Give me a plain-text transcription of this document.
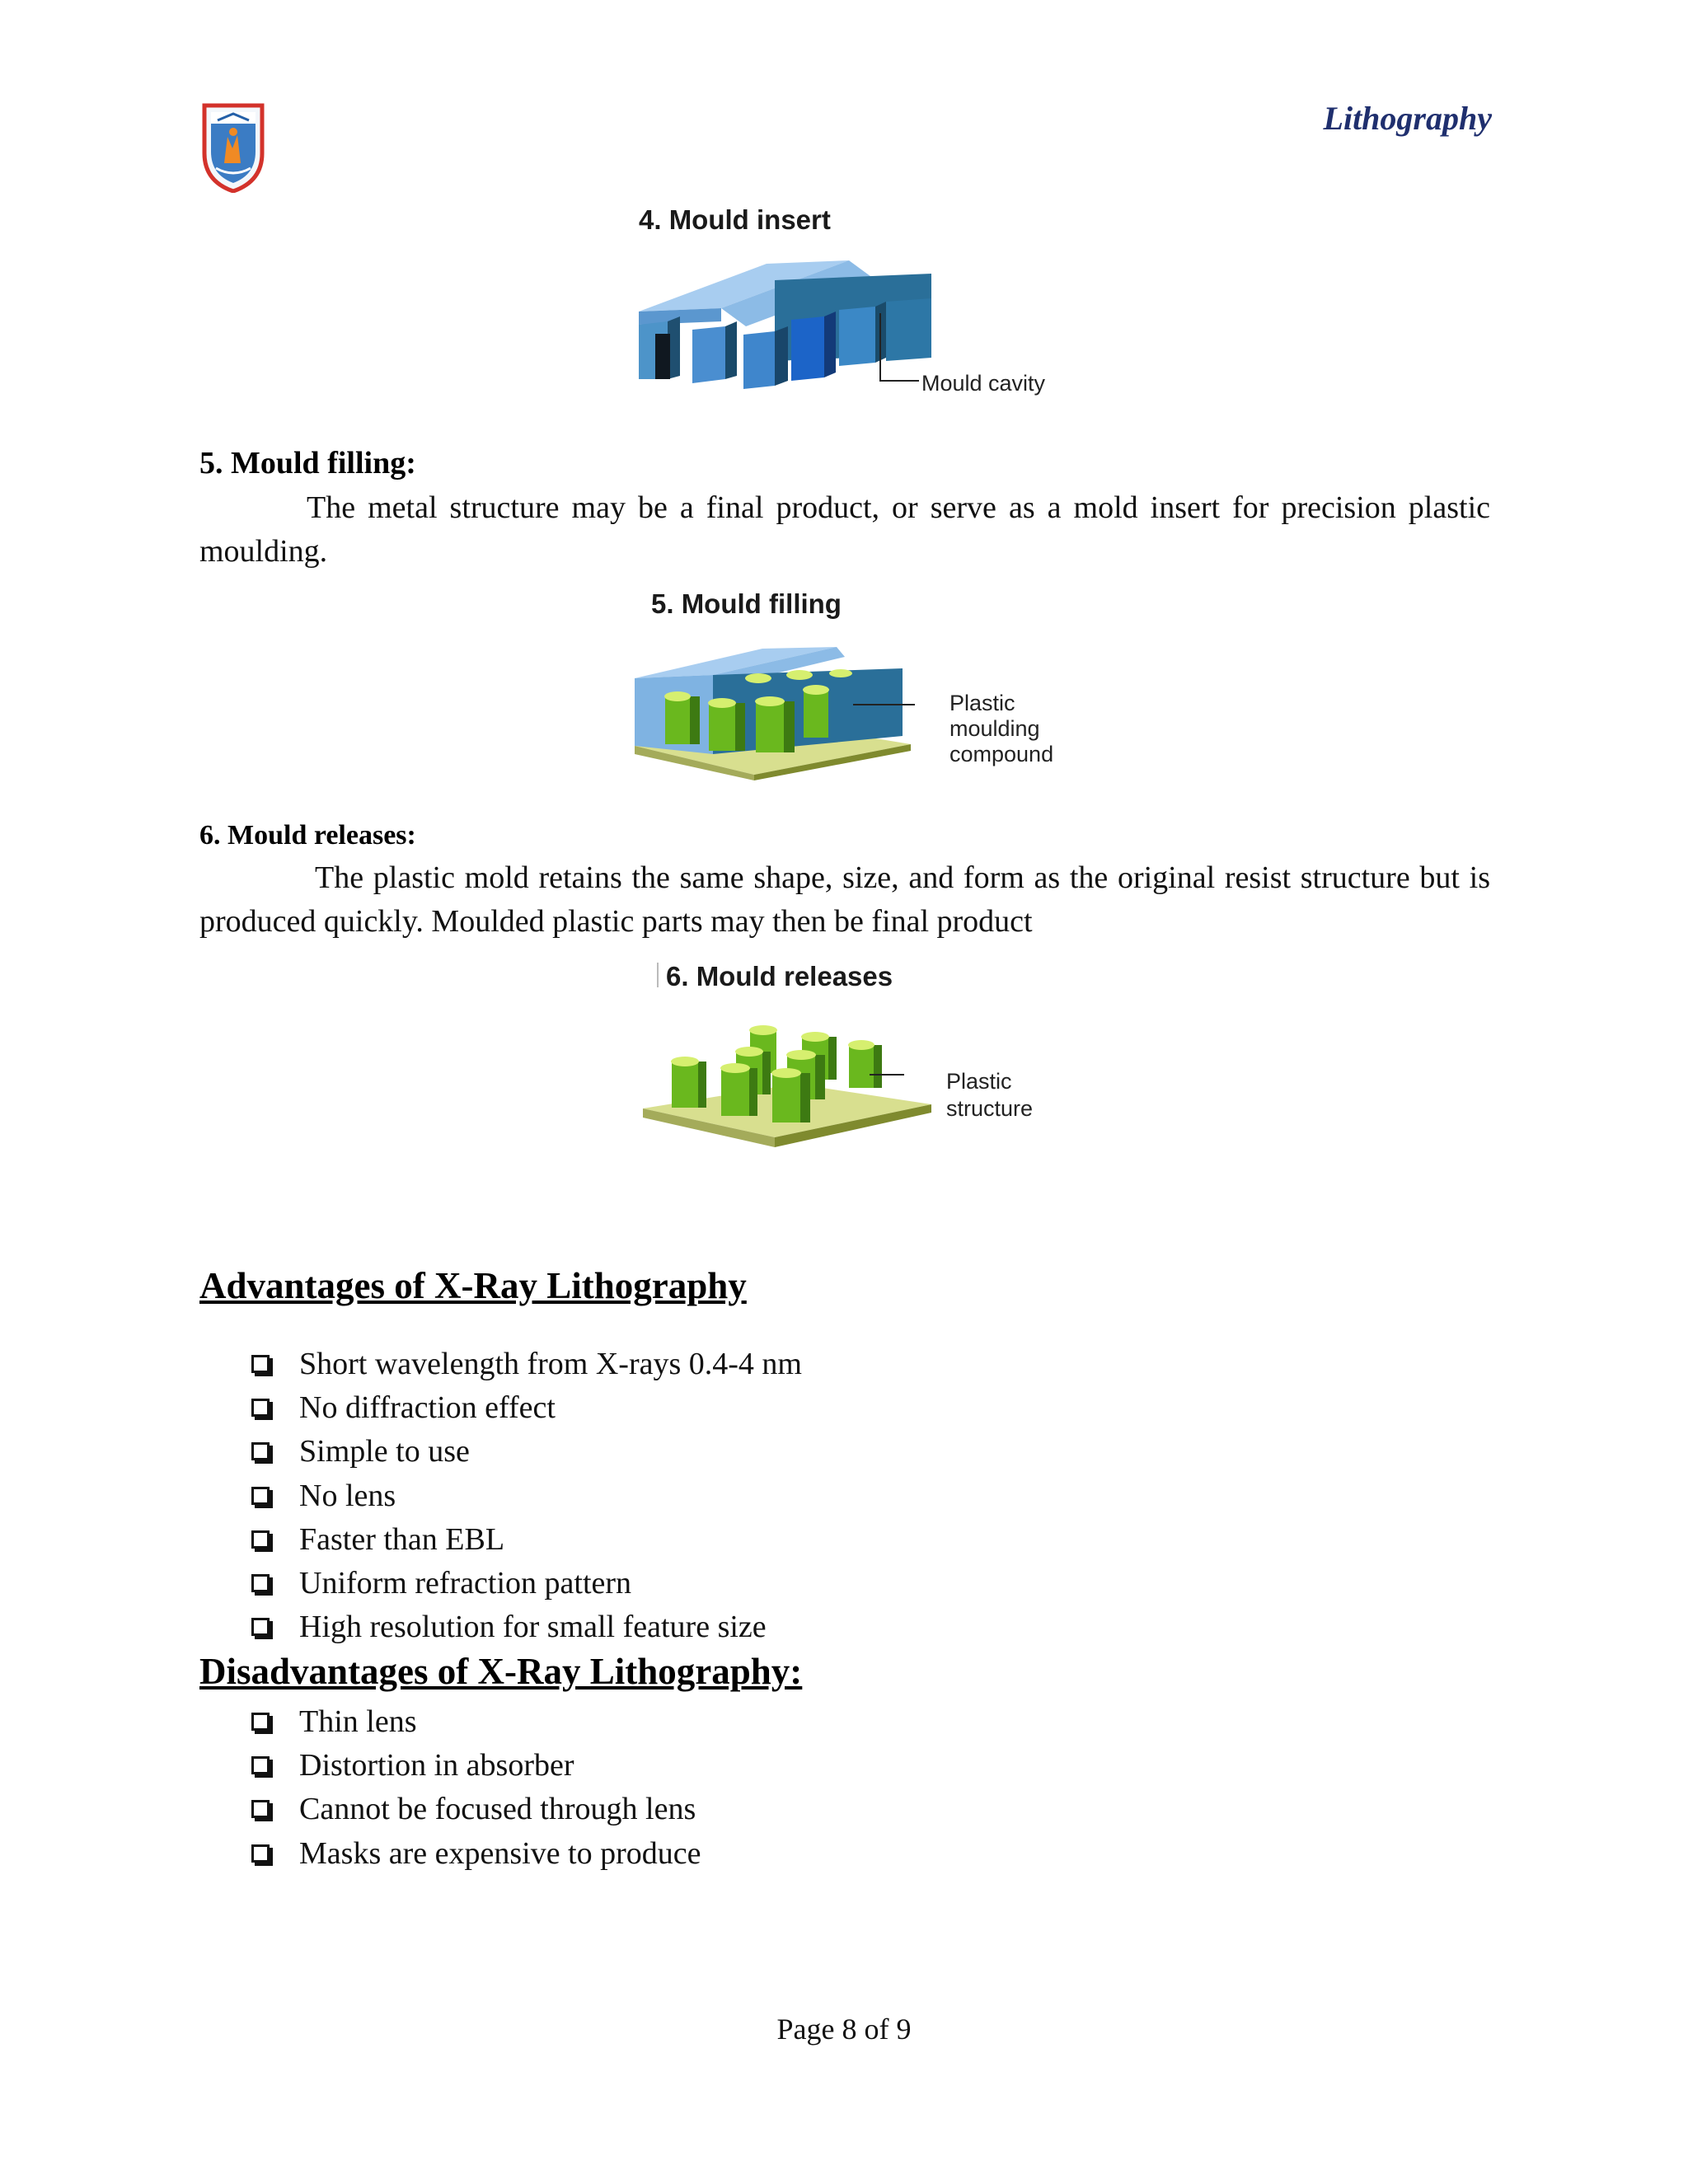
Lithography
4. Mould insert
Mould cavity
5. Mould filling:
The metal structure may be a final product, or serve as a mold insert for precision plastic moulding.
5. Mould filling
Plastic
moulding
compound
6. Mould releases:
The plastic mold retains the same shape, size, and form as the original resist structure but is produced quickly. Moulded plastic parts may then be final product
6. Mould releases
Plastic
structure
Advantages of X-Ray Lithography
Short wavelength from X-rays 0.4-4 nm
No diffraction effect
Simple to use
No lens
Faster than EBL
Uniform refraction pattern
High resolution for small feature size
Disadvantages of X-Ray Lithography:
Thin lens
Distortion in absorber
Cannot be focused through lens
Masks are expensive to produce
Page 8 of 9
